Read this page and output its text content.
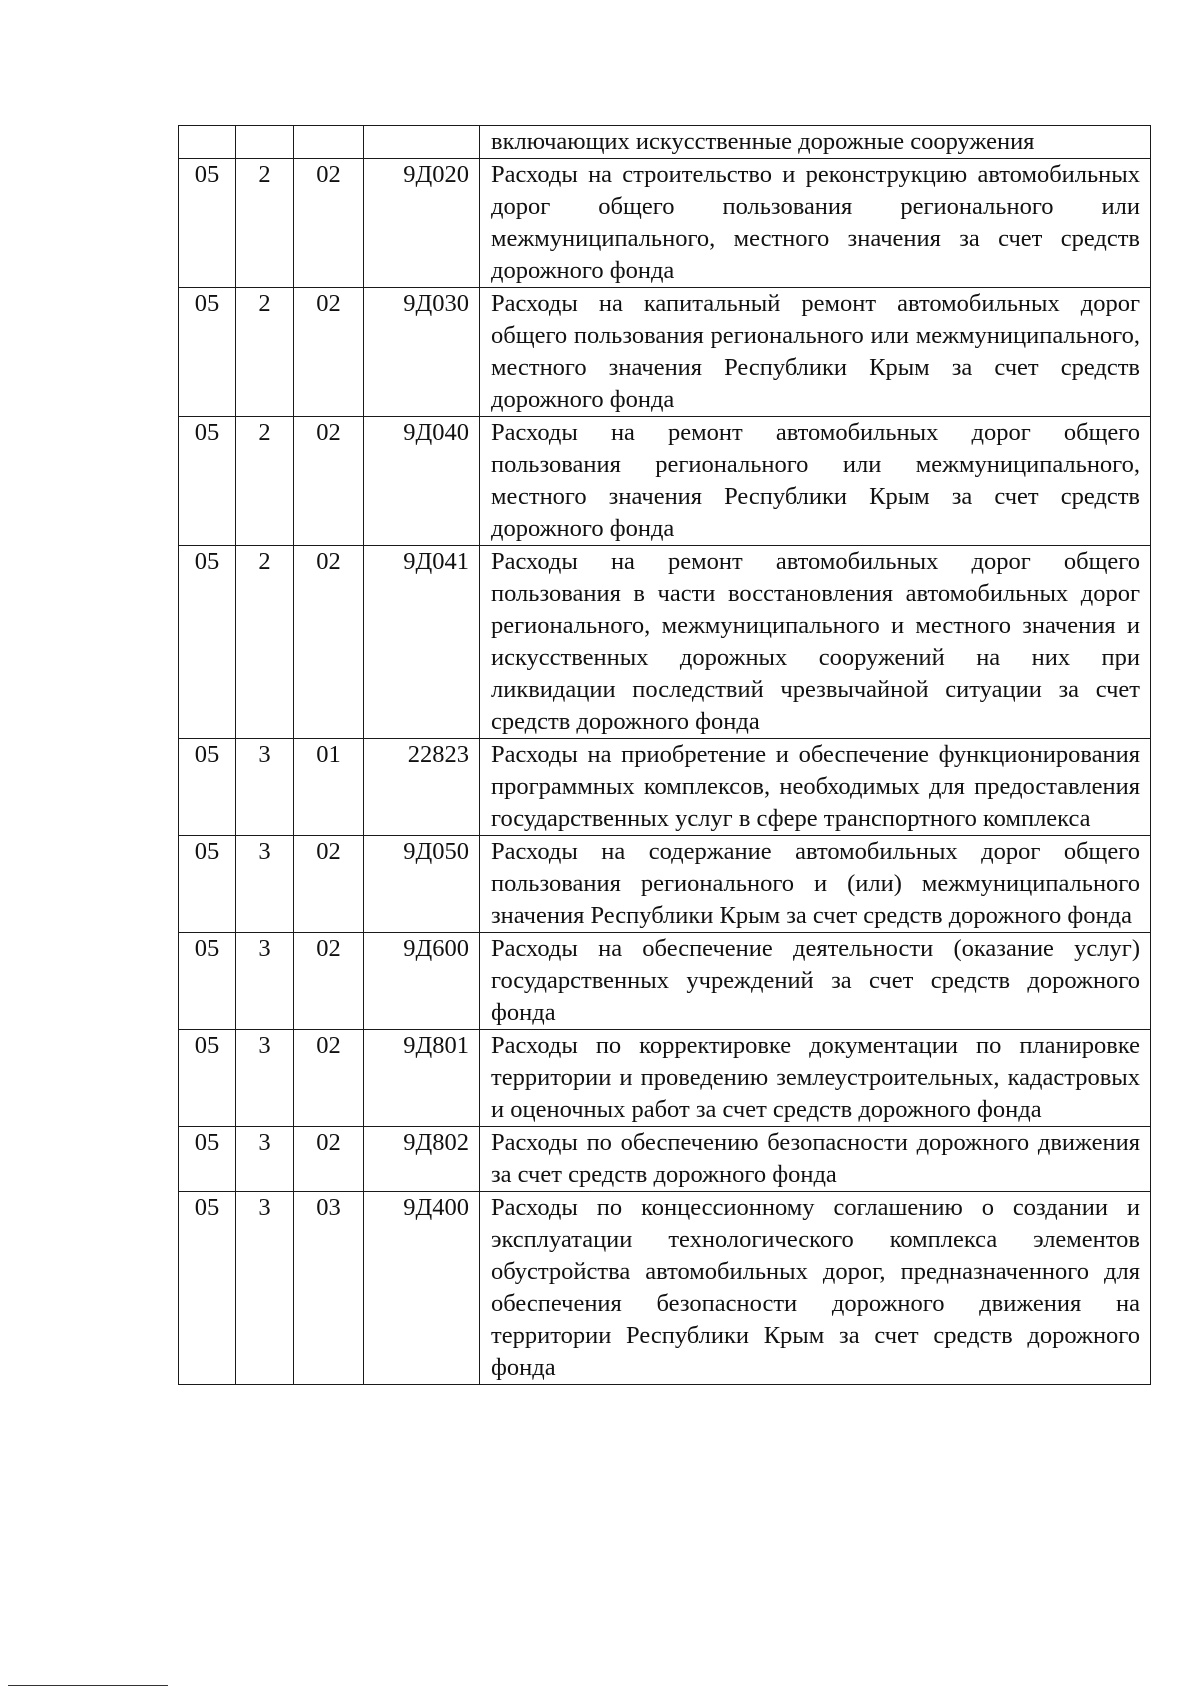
				включающих искусственные дорожные сооружения
05	2	02	9Д020	Расходы на строительство и реконструкцию автомобильных дорог общего пользования регионального или межмуниципального, местного значения за счет средств дорожного фонда
05	2	02	9Д030	Расходы на капитальный ремонт автомобильных дорог общего пользования регионального или межмуниципального, местного значения Республики Крым за счет средств дорожного фонда
05	2	02	9Д040	Расходы на ремонт автомобильных дорог общего пользования регионального или межмуниципального, местного значения Республики Крым за счет средств дорожного фонда
05	2	02	9Д041	Расходы на ремонт автомобильных дорог общего пользования в части восстановления автомобильных дорог регионального, межмуниципального и местного значения и искусственных дорожных сооружений на них при ликвидации последствий чрезвычайной ситуации за счет средств дорожного фонда
05	3	01	22823	Расходы на приобретение и обеспечение функционирования программных комплексов, необходимых для предоставления государственных услуг в сфере транспортного комплекса
05	3	02	9Д050	Расходы на содержание автомобильных дорог общего пользования регионального и (или) межмуниципального значения Республики Крым за счет средств дорожного фонда
05	3	02	9Д600	Расходы на обеспечение деятельности (оказание услуг) государственных учреждений за счет средств дорожного фонда
05	3	02	9Д801	Расходы по корректировке документации по планировке территории и проведению землеустроительных, кадастровых и оценочных работ за счет средств дорожного фонда
05	3	02	9Д802	Расходы по обеспечению безопасности дорожного движения за счет средств дорожного фонда
05	3	03	9Д400	Расходы по концессионному соглашению о создании и эксплуатации технологического комплекса элементов обустройства автомобильных дорог, предназначенного для обеспечения безопасности дорожного движения на территории Республики Крым за счет средств дорожного фонда
